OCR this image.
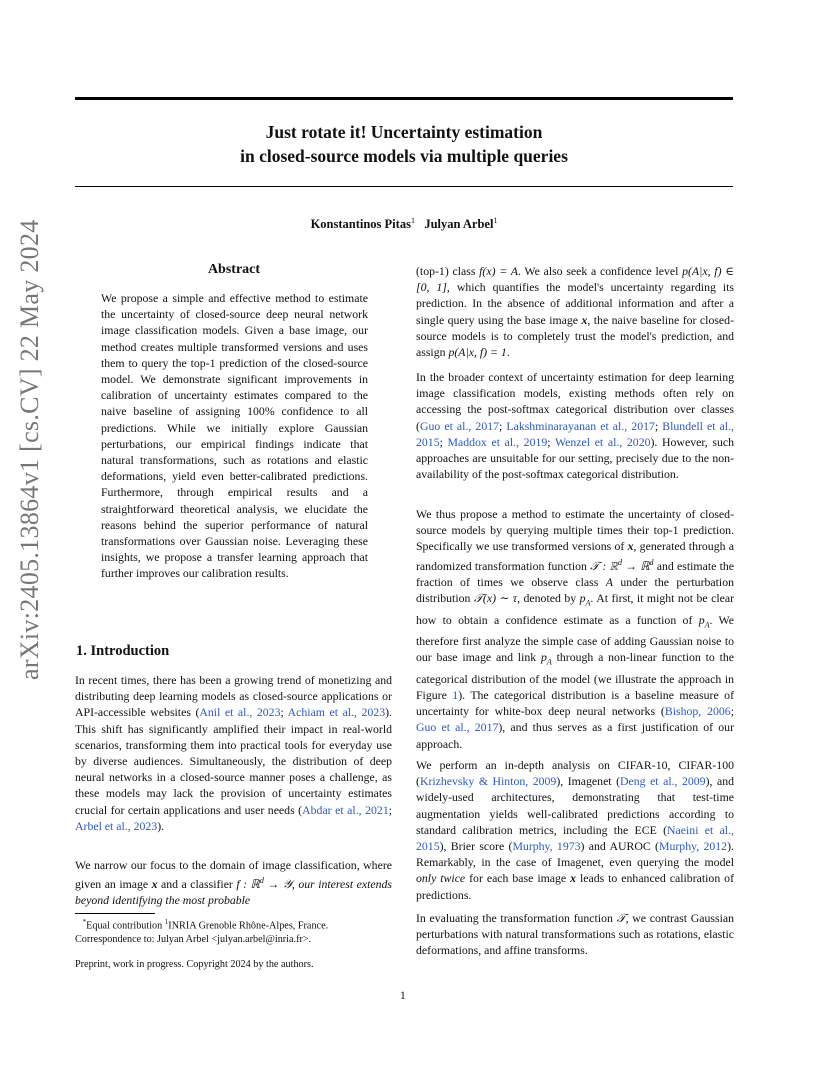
Just rotate it! Uncertainty estimation
in closed-source models via multiple queries
Konstantinos Pitas$^1$ Julyan Arbel$^1$
arXiv:2405.13864v1 [cs.CV] 22 May 2024	Abstract
We propose a simple and effective method to estimate the uncertainty of closed-source deep neural network image classification models. Given a base image, our method creates multiple transformed versions and uses them to query the top-1 prediction of the closed-source model. We demonstrate significant improvements in calibration of uncertainty estimates compared to the naive baseline of assigning 100% confidence to all predictions. While we initially explore Gaussian perturbations, our empirical findings indicate that natural transformations, such as rotations and elastic deformations, yield even better-calibrated predictions. Furthermore, through empirical results and a straightforward theoretical analysis, we elucidate the reasons behind the superior performance of natural transformations over Gaussian noise. Leveraging these insights, we propose a transfer learning approach that further improves our calibration results.
1. Introduction

In recent times, there has been a growing trend of monetizing and distributing deep learning models as closed-source applications or API-accessible websites (Anil et al., 2023; Achiam et al., 2023). This shift has significantly amplified their impact in real-world scenarios, transforming them into practical tools for everyday use by diverse audiences. Simultaneously, the distribution of deep neural networks in a closed-source manner poses a challenge, as these models may lack the provision of uncertainty estimates crucial for certain applications and user needs (Abdar et al., 2021; Arbel et al., 2023).

We narrow our focus to the domain of image classification, where given an image x and a classifier f : ℝ$^d$ → 𝒴, our interest extends beyond identifying the most probable

*Equal contribution $^1$INRIA Grenoble Rhône-Alpes, France. Correspondence to: Julyan Arbel <julyan.arbel@inria.fr>.
Preprint, work in progress. Copyright 2024 by the authors.

(top-1) class f(x) = A. We also seek a confidence level p(A|x, f) ∈ [0, 1], which quantifies the model's uncertainty regarding its prediction. In the absence of additional information and after a single query using the base image x, the naive baseline for closed-source models is to completely trust the model's prediction, and assign p(A|x, f) = 1.

In the broader context of uncertainty estimation for deep learning image classification models, existing methods often rely on accessing the post-softmax categorical distribution over classes (Guo et al., 2017; Lakshminarayanan et al., 2017; Blundell et al., 2015; Maddox et al., 2019; Wenzel et al., 2020). However, such approaches are unsuitable for our setting, precisely due to the non-availability of the post-softmax categorical distribution.

We thus propose a method to estimate the uncertainty of closed-source models by querying multiple times their top-1 prediction. Specifically we use transformed versions of x, generated through a randomized transformation function 𝒯 : ℝ$^d$ → ℝ$^d$ and estimate the fraction of times we observe class A under the perturbation distribution 𝒯(x) ∼ τ, denoted by $p_A$. At first, it might not be clear how to obtain a confidence estimate as a function of $p_A$. We therefore first analyze the simple case of adding Gaussian noise to our base image and link $p_A$ through a non-linear function to the categorical distribution of the model (we illustrate the approach in Figure 1). The categorical distribution is a baseline measure of uncertainty for white-box deep neural networks (Bishop, 2006; Guo et al., 2017), and thus serves as a first justification of our approach.

We perform an in-depth analysis on CIFAR-10, CIFAR-100 (Krizhevsky & Hinton, 2009), Imagenet (Deng et al., 2009), and widely-used architectures, demonstrating that test-time augmentation yields well-calibrated predictions according to standard calibration metrics, including the ECE (Naeini et al., 2015), Brier score (Murphy, 1973) and AUROC (Murphy, 2012). Remarkably, in the case of Imagenet, even querying the model only twice for each base image x leads to enhanced calibration of predictions.

In evaluating the transformation function 𝒯, we contrast Gaussian perturbations with natural transformations such as rotations, elastic deformations, and affine transforms.

1
